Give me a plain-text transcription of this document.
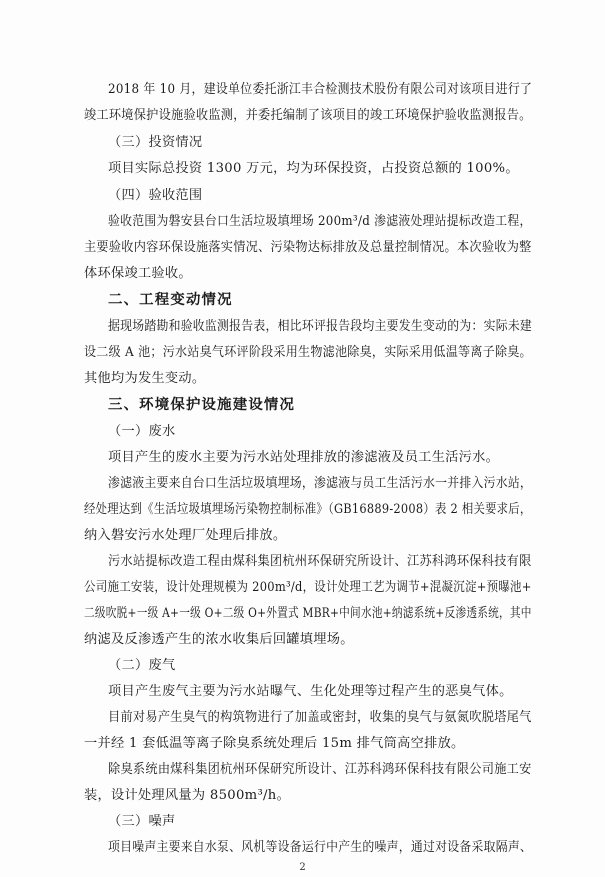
2018 年 10 月，建设单位委托浙江丰合检测技术股份有限公司对该项目进行了
竣工环境保护设施验收监测，并委托编制了该项目的竣工环境保护验收监测报告。
（三）投资情况
项目实际总投资 1300 万元，均为环保投资，占投资总额的 100%。
（四）验收范围
验收范围为磐安县台口生活垃圾填埋场 200m³/d 渗滤液处理站提标改造工程，
主要验收内容环保设施落实情况、污染物达标排放及总量控制情况。本次验收为整
体环保竣工验收。
二、工程变动情况
据现场踏勘和验收监测报告表，相比环评报告段均主要发生变动的为：实际未建
设二级 A 池；污水站臭气环评阶段采用生物滤池除臭，实际采用低温等离子除臭。
其他均为发生变动。
三、环境保护设施建设情况
（一）废水
项目产生的废水主要为污水站处理排放的渗滤液及员工生活污水。
渗滤液主要来自台口生活垃圾填埋场，渗滤液与员工生活污水一并排入污水站，
经处理达到《生活垃圾填埋场污染物控制标准》（GB16889-2008）表 2 相关要求后，
纳入磐安污水处理厂处理后排放。
污水站提标改造工程由煤科集团杭州环保研究所设计、江苏科鸿环保科技有限
公司施工安装，设计处理规模为 200m³/d，设计处理工艺为调节+混凝沉淀+预曝池+
二级吹脱+一级 A+一级 O+二级 O+外置式 MBR+中间水池+纳滤系统+反渗透系统，其中
纳滤及反渗透产生的浓水收集后回罐填埋场。
（二）废气
项目产生废气主要为污水站曝气、生化处理等过程产生的恶臭气体。
目前对易产生臭气的构筑物进行了加盖或密封，收集的臭气与氨氮吹脱塔尾气
一并经 1 套低温等离子除臭系统处理后 15m 排气筒高空排放。
除臭系统由煤科集团杭州环保研究所设计、江苏科鸿环保科技有限公司施工安
装，设计处理风量为 8500m³/h。
（三）噪声
项目噪声主要来自水泵、风机等设备运行中产生的噪声，通过对设备采取隔声、
2
